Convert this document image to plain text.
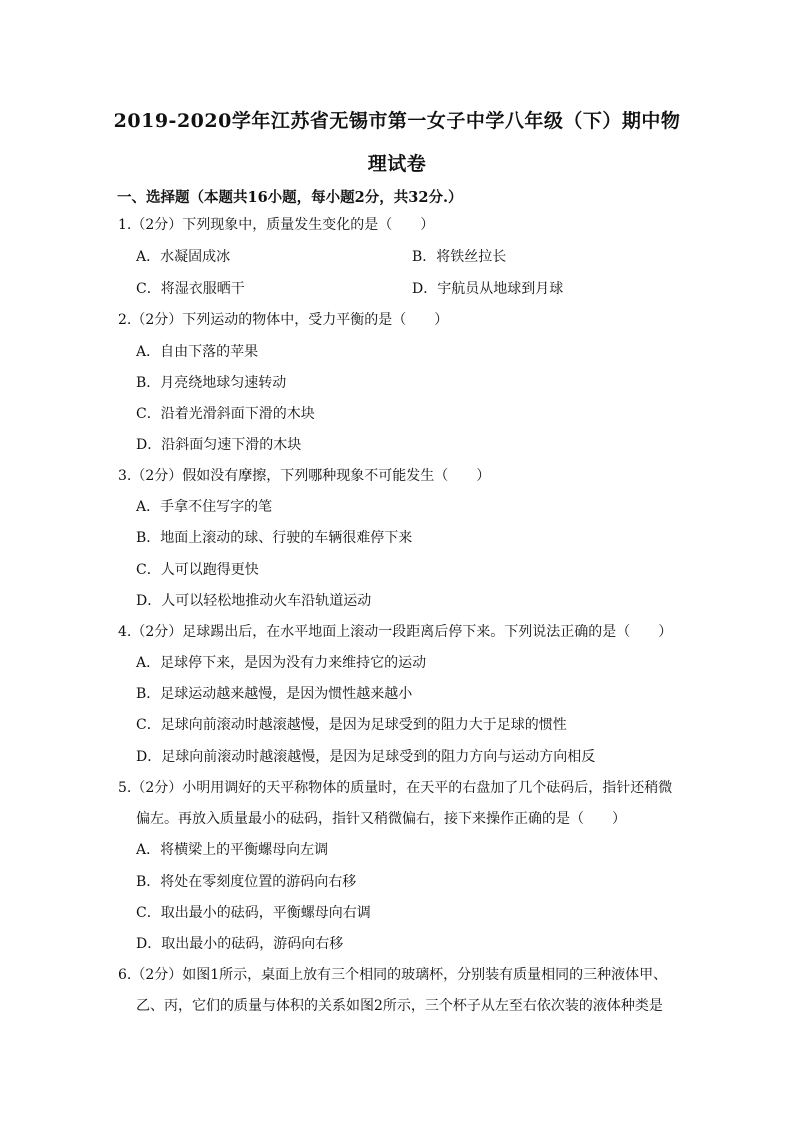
2019-2020学年江苏省无锡市第一女子中学八年级（下）期中物
理试卷
一、选择题（本题共16小题，每小题2分，共32分.）
1.（2分）下列现象中，质量发生变化的是（　　）
A．水凝固成冰	B．将铁丝拉长
C．将湿衣服晒干	D．宇航员从地球到月球
2.（2分）下列运动的物体中，受力平衡的是（　　）
A．自由下落的苹果
B．月亮绕地球匀速转动
C．沿着光滑斜面下滑的木块
D．沿斜面匀速下滑的木块
3.（2分）假如没有摩擦，下列哪种现象不可能发生（　　）
A．手拿不住写字的笔
B．地面上滚动的球、行驶的车辆很难停下来
C．人可以跑得更快
D．人可以轻松地推动火车沿轨道运动
4.（2分）足球踢出后，在水平地面上滚动一段距离后停下来。下列说法正确的是（　　）
A．足球停下来，是因为没有力来维持它的运动
B．足球运动越来越慢，是因为惯性越来越小
C．足球向前滚动时越滚越慢，是因为足球受到的阻力大于足球的惯性
D．足球向前滚动时越滚越慢，是因为足球受到的阻力方向与运动方向相反
5.（2分）小明用调好的天平称物体的质量时，在天平的右盘加了几个砝码后，指针还稍微
偏左。再放入质量最小的砝码，指针又稍微偏右，接下来操作正确的是（　　）
A．将横梁上的平衡螺母向左调
B．将处在零刻度位置的游码向右移
C．取出最小的砝码，平衡螺母向右调
D．取出最小的砝码，游码向右移
6.（2分）如图1所示，桌面上放有三个相同的玻璃杯，分别装有质量相同的三种液体甲、
乙、丙，它们的质量与体积的关系如图2所示，三个杯子从左至右依次装的液体种类是
